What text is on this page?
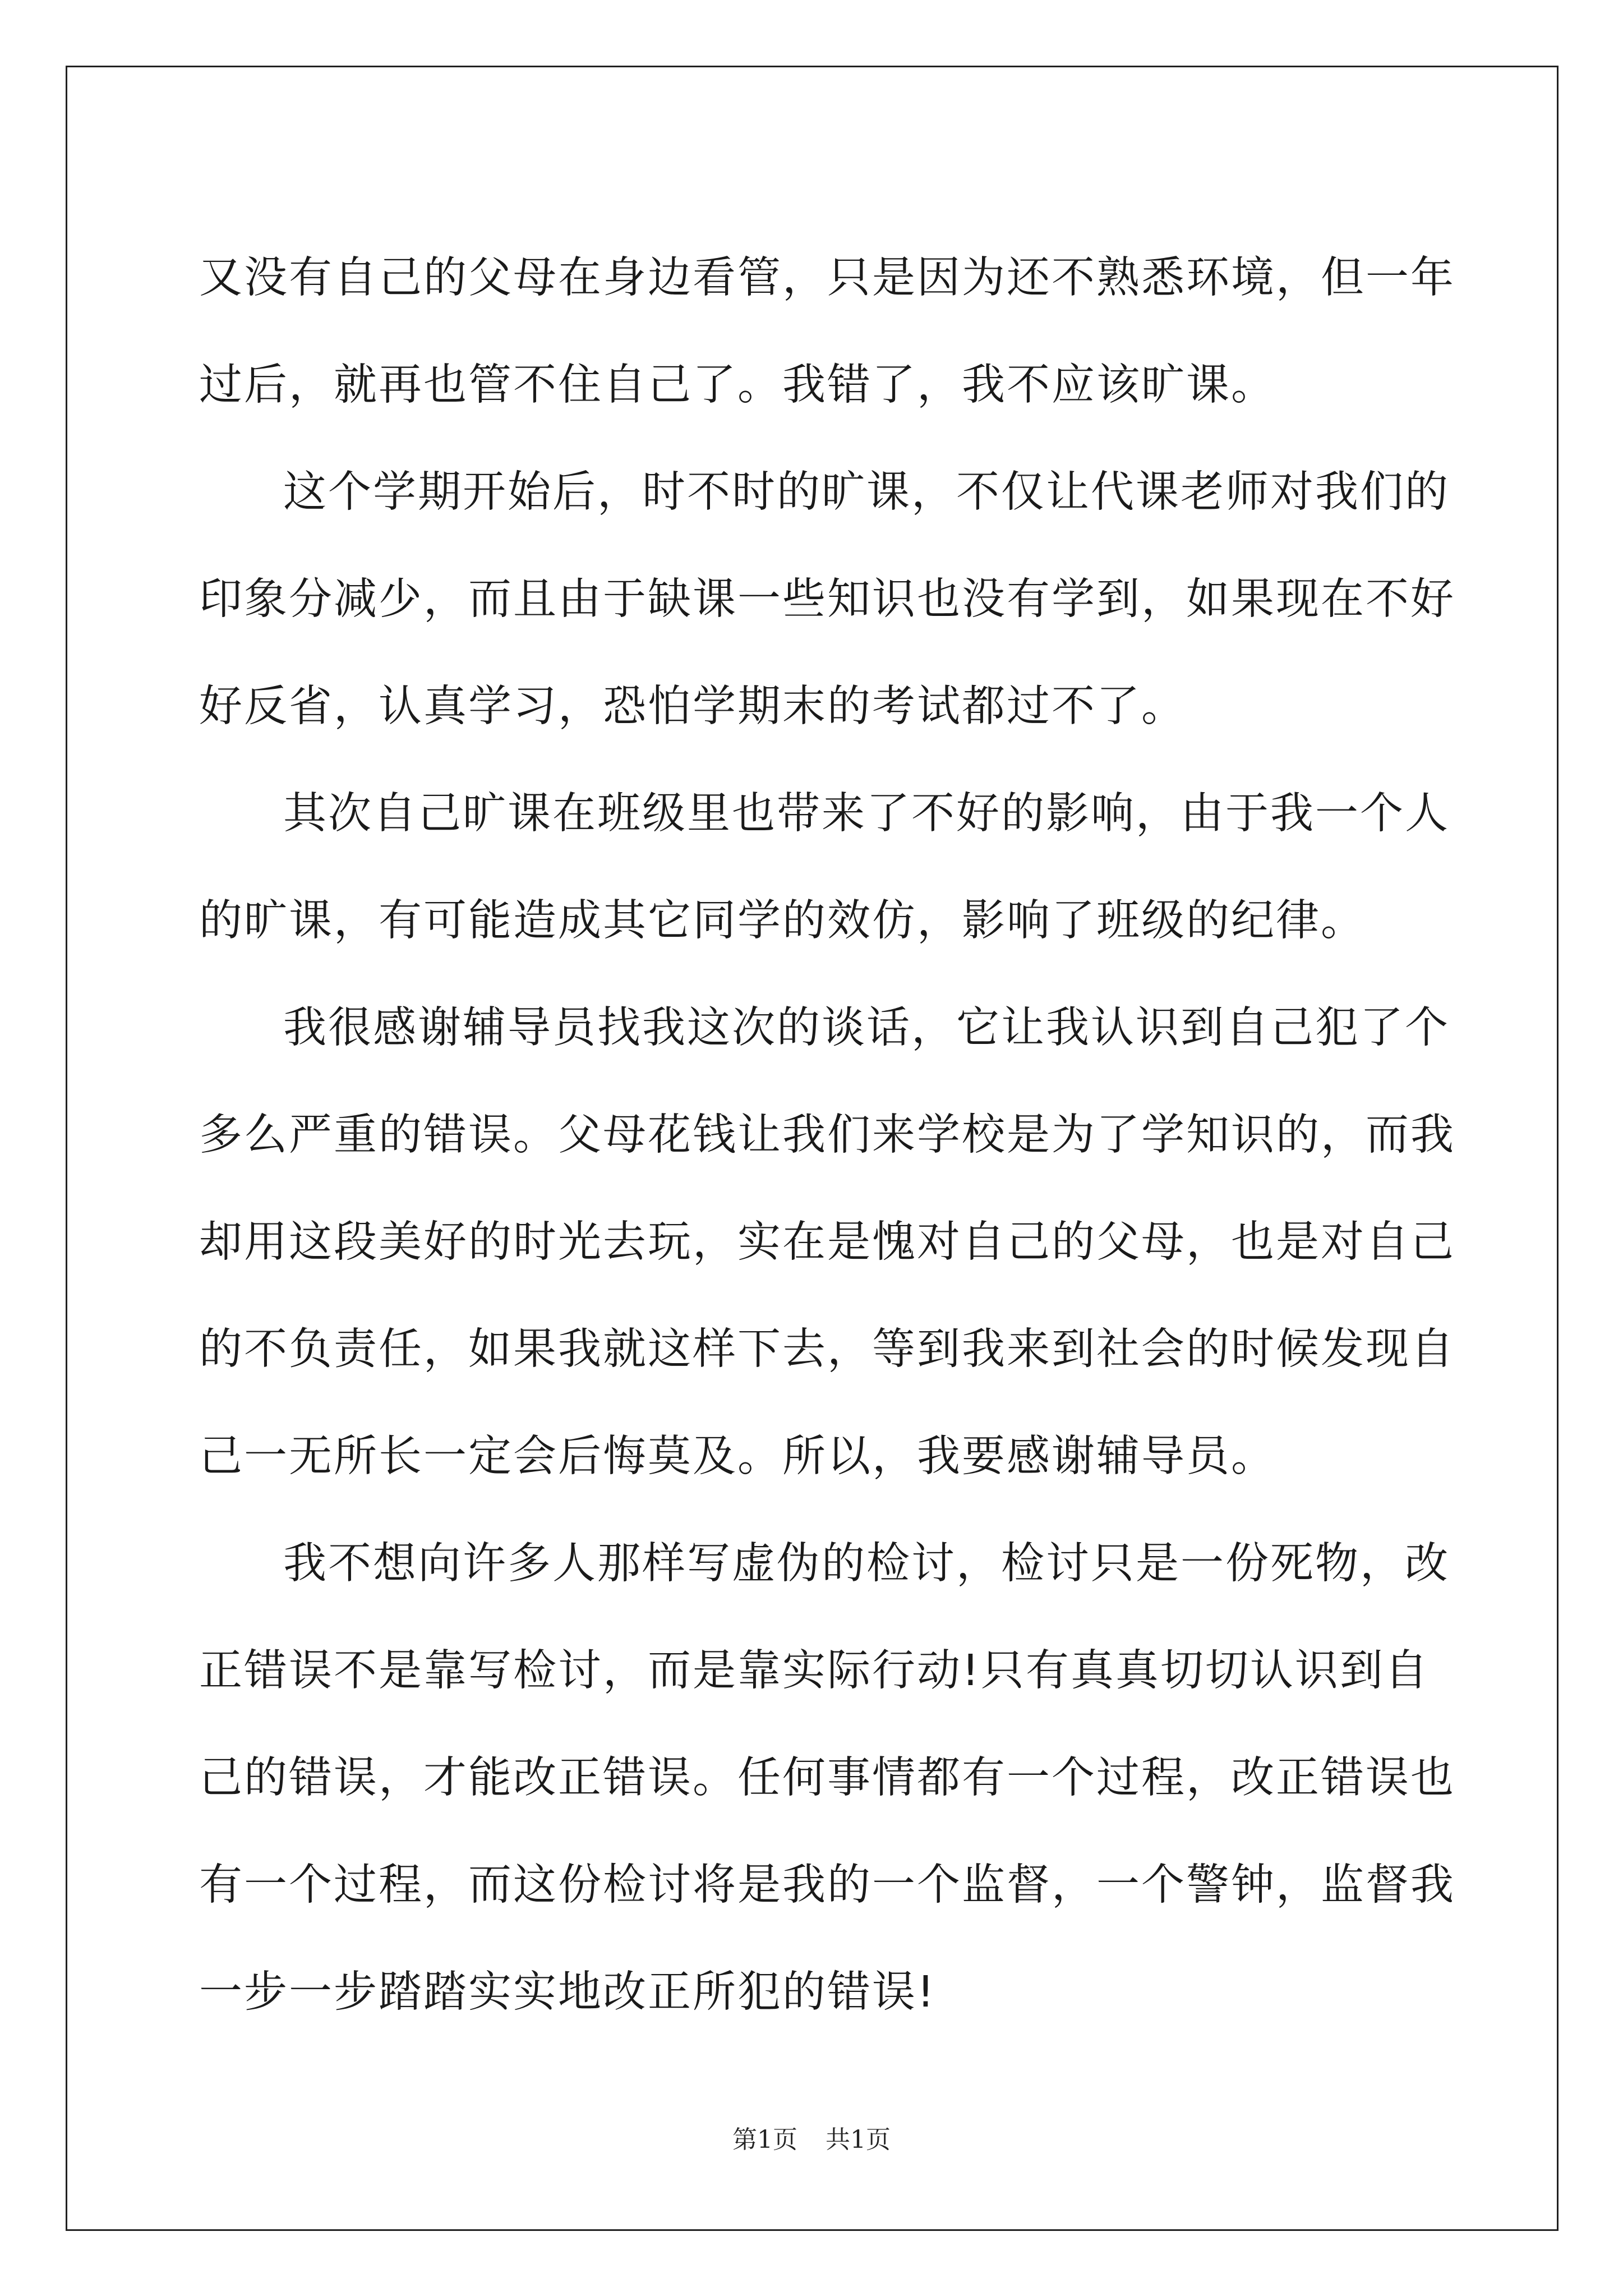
又没有自己的父母在身边看管，只是因为还不熟悉环境，但一年过后，就再也管不住自己了。我错了，我不应该旷课。

这个学期开始后，时不时的旷课，不仅让代课老师对我们的印象分减少，而且由于缺课一些知识也没有学到，如果现在不好好反省，认真学习，恐怕学期末的考试都过不了。

其次自己旷课在班级里也带来了不好的影响，由于我一个人的旷课，有可能造成其它同学的效仿，影响了班级的纪律。

我很感谢辅导员找我这次的谈话，它让我认识到自己犯了个多么严重的错误。父母花钱让我们来学校是为了学知识的，而我却用这段美好的时光去玩，实在是愧对自己的父母，也是对自己的不负责任，如果我就这样下去，等到我来到社会的时候发现自己一无所长一定会后悔莫及。所以，我要感谢辅导员。

我不想向许多人那样写虚伪的检讨，检讨只是一份死物，改正错误不是靠写检讨，而是靠实际行动!只有真真切切认识到自己的错误，才能改正错误。任何事情都有一个过程，改正错误也有一个过程，而这份检讨将是我的一个监督，一个警钟，监督我一步一步踏踏实实地改正所犯的错误!

第1页 共1页
